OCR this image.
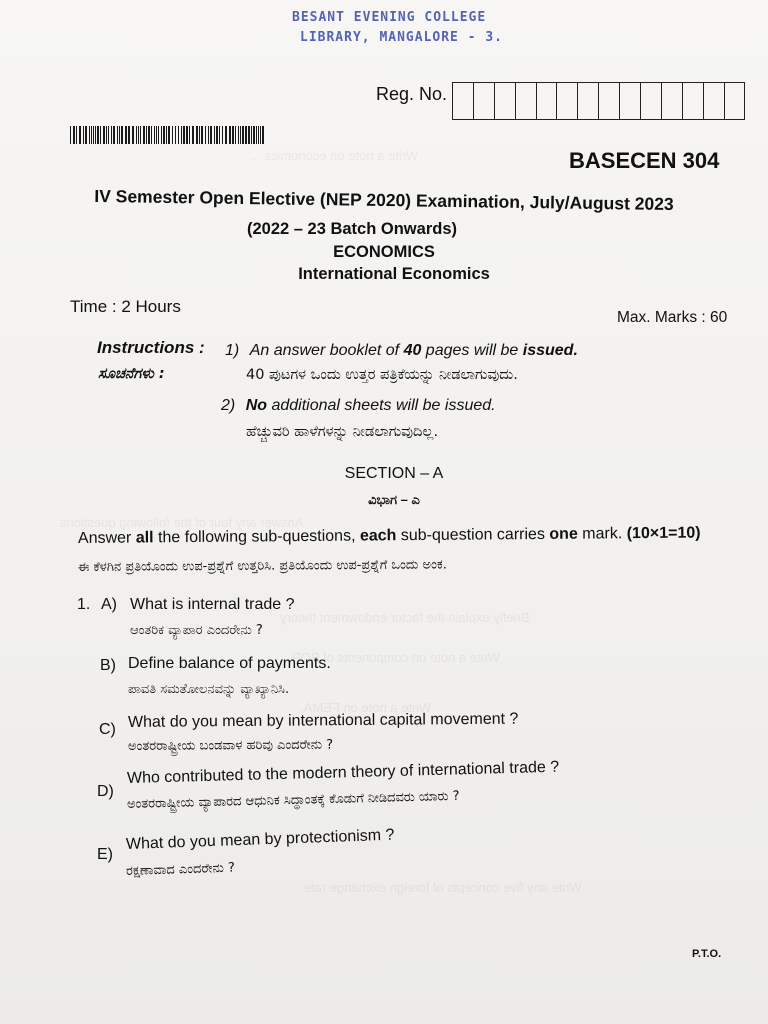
Write a note on economics ...
Answer any four of the following questions
Briefly explain the factor endowment theory
Write a note on components of BOP.
Write a note on FEMA.
Write any five concepts of foreign exchange rate.
BESANT EVENING COLLEGE
LIBRARY, MANGALORE - 3.
Reg. No.
BASECEN 304
IV Semester Open Elective (NEP 2020) Examination, July/August 2023
(2022 – 23 Batch Onwards)
ECONOMICS
International Economics
Time : 2 Hours
Max. Marks : 60
Instructions : 1) An answer booklet of 40 pages will be issued.
ಸೂಚನೆಗಳು :	40 ಪುಟಗಳ ಒಂದು ಉತ್ತರ ಪತ್ರಿಕೆಯನ್ನು ನೀಡಲಾಗುವುದು.
2) No additional sheets will be issued.
ಹೆಚ್ಚುವರಿ ಹಾಳೆಗಳನ್ನು ನೀಡಲಾಗುವುದಿಲ್ಲ.
SECTION – A
ವಿಭಾಗ – ಎ
Answer all the following sub-questions, each sub-question carries one mark. (10×1=10)
ಈ ಕೆಳಗಿನ ಪ್ರತಿಯೊಂದು ಉಪ-ಪ್ರಶ್ನೆಗೆ ಉತ್ತರಿಸಿ. ಪ್ರತಿಯೊಂದು ಉಪ-ಪ್ರಶ್ನೆಗೆ ಒಂದು ಅಂಕ.
1. A) What is internal trade ?
ಆಂತರಿಕ ವ್ಯಾಪಾರ ಎಂದರೇನು ?
B) Define balance of payments.
ಪಾವತಿ ಸಮತೋಲನವನ್ನು ವ್ಯಾಖ್ಯಾನಿಸಿ.
C) What do you mean by international capital movement ?
ಅಂತರರಾಷ್ಟ್ರೀಯ ಬಂಡವಾಳ ಹರಿವು ಎಂದರೇನು ?
D)
Who contributed to the modern theory of international trade ?
ಅಂತರರಾಷ್ಟ್ರೀಯ ವ್ಯಾಪಾರದ ಆಧುನಿಕ ಸಿದ್ಧಾಂತಕ್ಕೆ ಕೊಡುಗೆ ನೀಡಿದವರು ಯಾರು ?
E)
What do you mean by protectionism ?
ರಕ್ಷಣಾವಾದ ಎಂದರೇನು ?
P.T.O.
